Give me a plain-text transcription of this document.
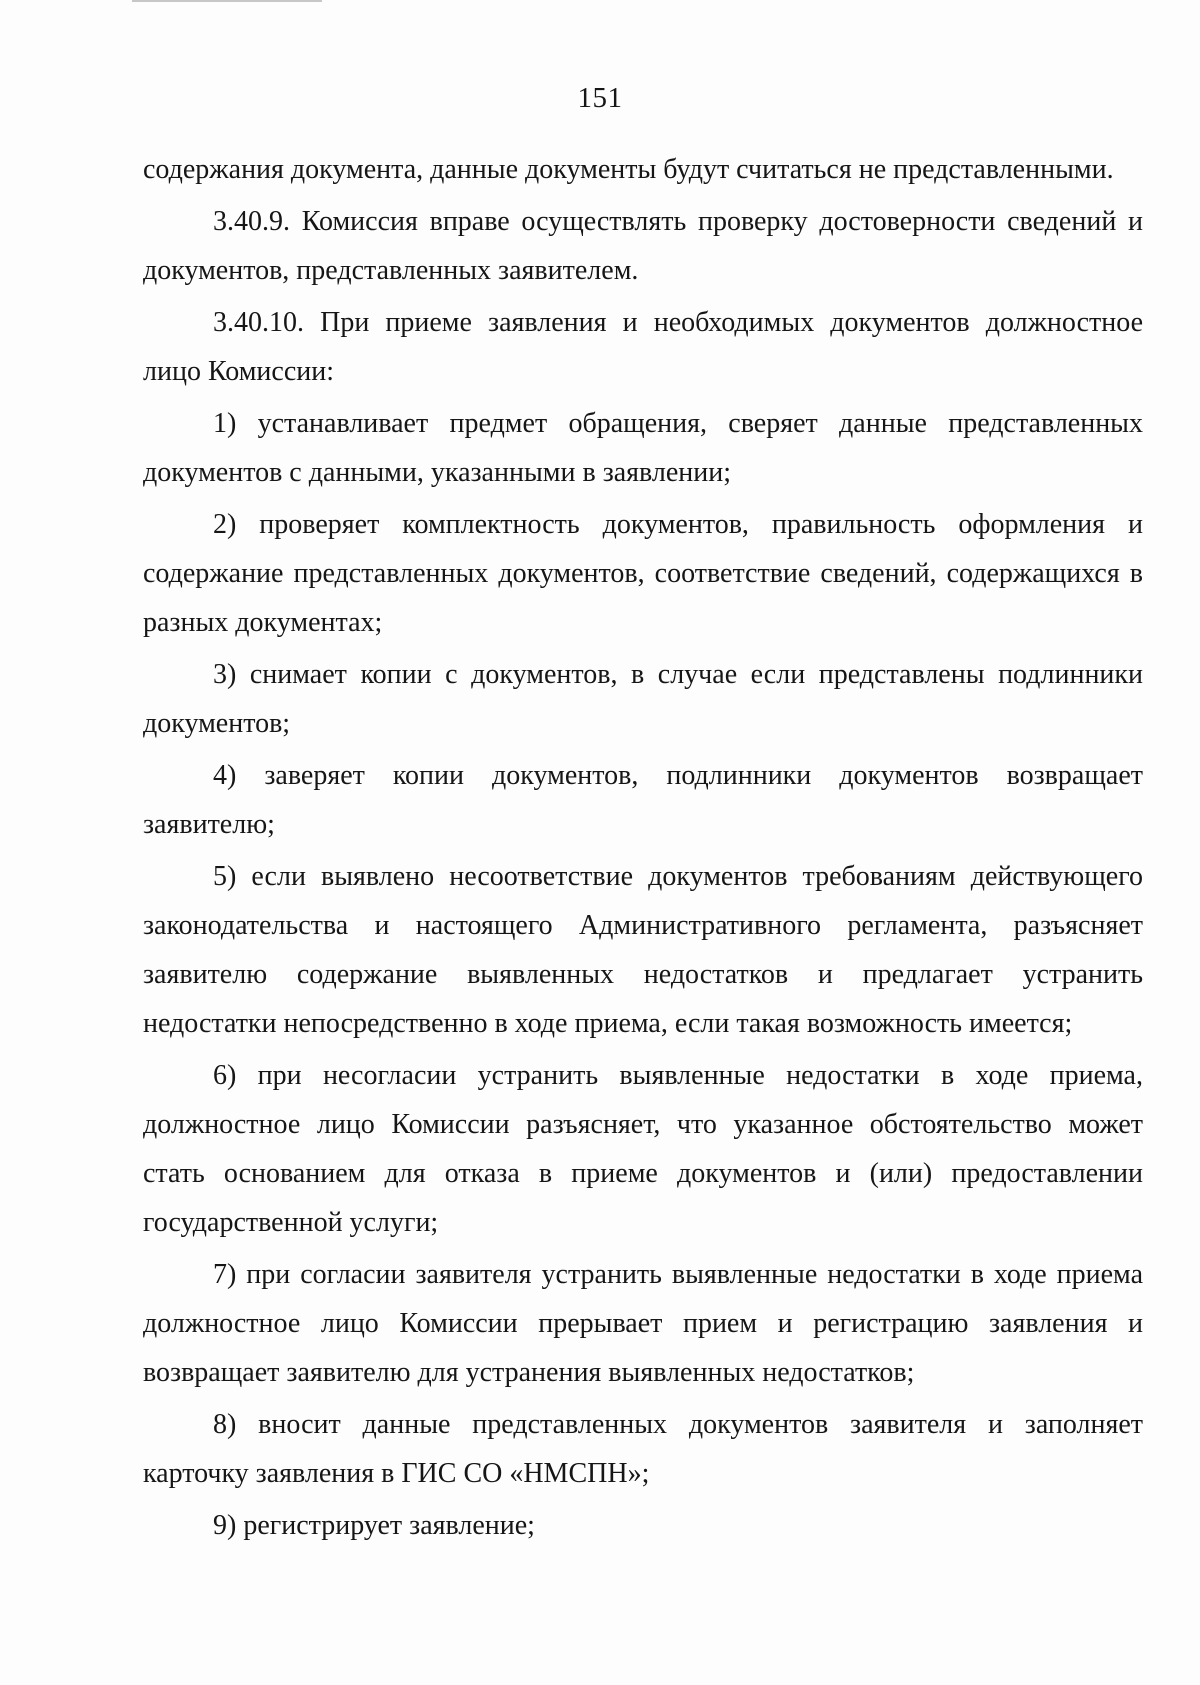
151

содержания документа, данные документы будут считаться не представленными.

3.40.9. Комиссия вправе осуществлять проверку достоверности сведений и документов, представленных заявителем.

3.40.10. При приеме заявления и необходимых документов должностное лицо Комиссии:

1) устанавливает предмет обращения, сверяет данные представленных документов с данными, указанными в заявлении;

2) проверяет комплектность документов, правильность оформления и содержание представленных документов, соответствие сведений, содержащихся в разных документах;

3) снимает копии с документов, в случае если представлены подлинники документов;

4) заверяет копии документов, подлинники документов возвращает заявителю;

5) если выявлено несоответствие документов требованиям действующего законодательства и настоящего Административного регламента, разъясняет заявителю содержание выявленных недостатков и предлагает устранить недостатки непосредственно в ходе приема, если такая возможность имеется;

6) при несогласии устранить выявленные недостатки в ходе приема, должностное лицо Комиссии разъясняет, что указанное обстоятельство может стать основанием для отказа в приеме документов и (или) предоставлении государственной услуги;

7) при согласии заявителя устранить выявленные недостатки в ходе приема должностное лицо Комиссии прерывает прием и регистрацию заявления и возвращает заявителю для устранения выявленных недостатков;

8) вносит данные представленных документов заявителя и заполняет карточку заявления в ГИС СО «НМСПН»;

9) регистрирует заявление;
